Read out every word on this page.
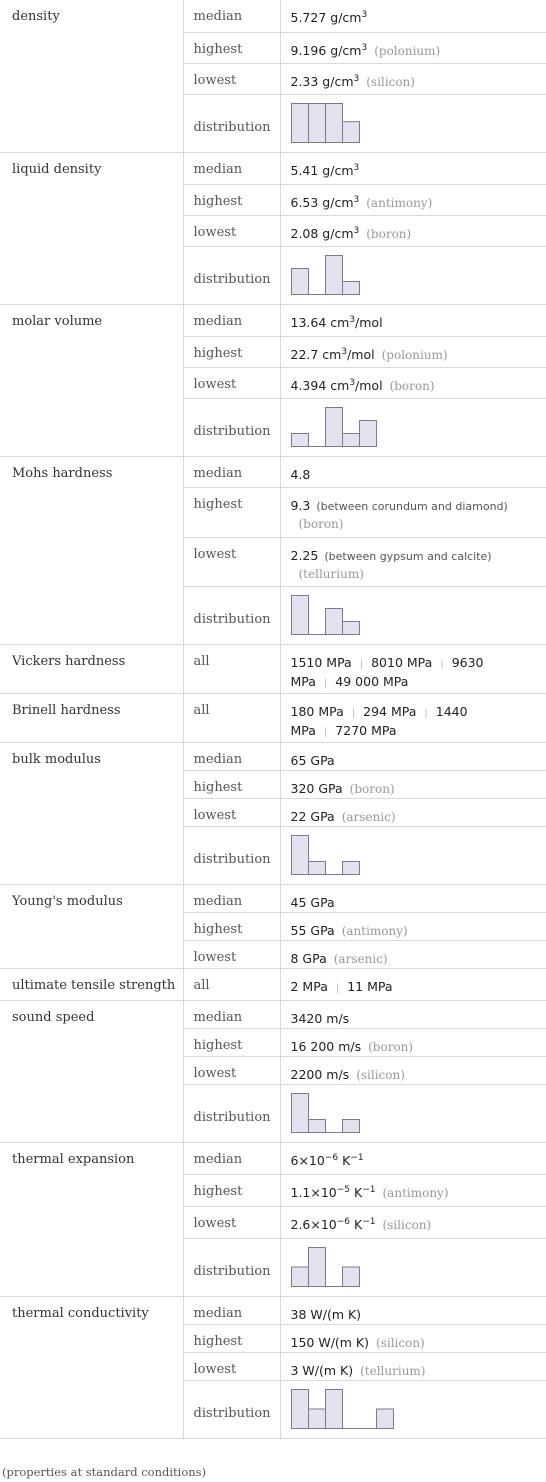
density	median	5.727 $g/cm^3$
	highest	9.196 $g/cm^3$ (polonium)
	lowest	2.33 $g/cm^3$ (silicon)
	distribution	

liquid density	median	5.41 $g/cm^3$
	highest	6.53 $g/cm^3$ (antimony)
	lowest	2.08 $g/cm^3$ (boron)
	distribution	

molar volume	median	13.64 $cm^3$/mol
	highest	22.7 $cm^3$/mol (polonium)
	lowest	4.394 $cm^3$/mol (boron)
	distribution	

Mohs hardness	median	4.8
	highest	9.3 (between corundum and diamond)
(boron)
	lowest	2.25 (between gypsum and calcite)
(tellurium)
	distribution	

Vickers hardness	all	1510 MPa | 8010 MPa | 9630 MPa | 49 000 MPa
Brinell hardness	all	180 MPa | 294 MPa | 1440 MPa | 7270 MPa
bulk modulus	median	65 GPa
	highest	320 GPa (boron)
	lowest	22 GPa (arsenic)
	distribution	

Young's modulus	median	45 GPa
	highest	55 GPa (antimony)
	lowest	8 GPa (arsenic)
ultimate tensile strength	all	2 MPa | 11 MPa
sound speed	median	3420 m/s
	highest	16 200 m/s (boron)
	lowest	2200 m/s (silicon)
	distribution	

thermal expansion	median	$6\times 10^{-6}$ $K^{-1}$
	highest	$1.1\times 10^{-5}$ $K^{-1}$ (antimony)
	lowest	$2.6\times 10^{-6}$ $K^{-1}$ (silicon)
	distribution	

thermal conductivity	median	38 W/(m K)
	highest	150 W/(m K) (silicon)
	lowest	3 W/(m K) (tellurium)
	distribution	
(properties at standard conditions)
